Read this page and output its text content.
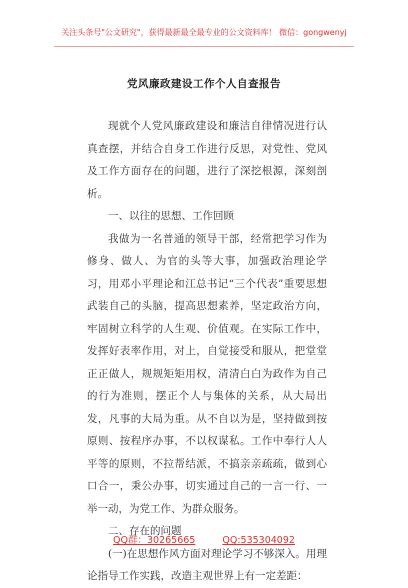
关注头条号"公文研究"，获得最新最全最专业的公文资料库！ 微信：gongwenyj
党风廉政建设工作个人自查报告

现就个人党风廉政建设和廉洁自律情况进行认真查摆，并结合自身工作进行反思，对党性、党风及工作方面存在的问题，进行了深挖根源，深刻剖析。

一、以往的思想、工作回顾

我做为一名普通的领导干部，经常把学习作为修身、做人、为官的头等大事，加强政治理论学习，用邓小平理论和江总书记“三个代表”重要思想武装自己的头脑，提高思想素养，坚定政治方向，牢固树立科学的人生观、价值观。在实际工作中，发挥好表率作用，对上，自觉接受和服从，把堂堂正正做人，规规矩矩用权，清清白白为政作为自己的行为准则，摆正个人与集体的关系，从大局出发，凡事的大局为重。从不自以为是，坚持做到按原则、按程序办事，不以权谋私。工作中奉行人人平等的原则，不拉帮结派，不搞亲亲疏疏，做到心口合一，秉公办事，切实通过自己的一言一行、一举一动，为党工作、为群众服务。

二、存在的问题

(一)在思想作风方面对理论学习不够深入。用理论指导工作实践，改造主观世界上有一定差距：

QQ群：30265665	QQ:535304092
